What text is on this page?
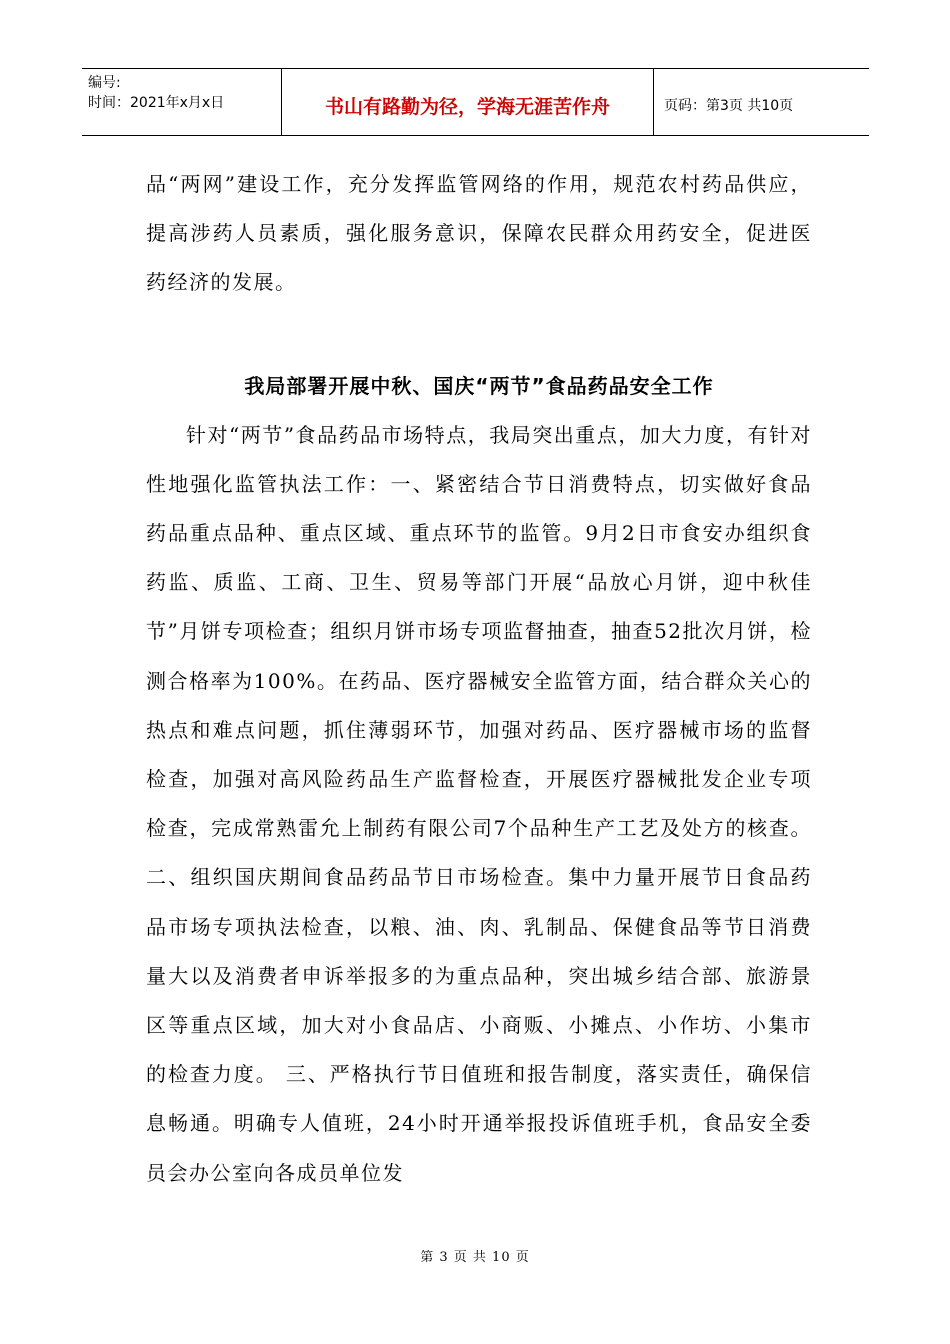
编号:
时间：2021年x月x日	书山有路勤为径，学海无涯苦作舟	页码：第3页 共10页

品“两网”建设工作，充分发挥监管网络的作用，规范农村药品供应，提高涉药人员素质，强化服务意识，保障农民群众用药安全，促进医药经济的发展。

我局部署开展中秋、国庆“两节”食品药品安全工作

针对“两节”食品药品市场特点，我局突出重点，加大力度，有针对性地强化监管执法工作：一、紧密结合节日消费特点，切实做好食品药品重点品种、重点区域、重点环节的监管。9月2日市食安办组织食药监、质监、工商、卫生、贸易等部门开展“品放心月饼，迎中秋佳节”月饼专项检查；组织月饼市场专项监督抽查，抽查52批次月饼，检测合格率为100%。在药品、医疗器械安全监管方面，结合群众关心的热点和难点问题，抓住薄弱环节，加强对药品、医疗器械市场的监督检查，加强对高风险药品生产监督检查，开展医疗器械批发企业专项检查，完成常熟雷允上制药有限公司7个品种生产工艺及处方的核查。二、组织国庆期间食品药品节日市场检查。集中力量开展节日食品药品市场专项执法检查，以粮、油、肉、乳制品、保健食品等节日消费量大以及消费者申诉举报多的为重点品种，突出城乡结合部、旅游景区等重点区域，加大对小食品店、小商贩、小摊点、小作坊、小集市的检查力度。 三、严格执行节日值班和报告制度，落实责任，确保信息畅通。明确专人值班，24小时开通举报投诉值班手机，食品安全委员会办公室向各成员单位发

第 3 页 共 10 页
